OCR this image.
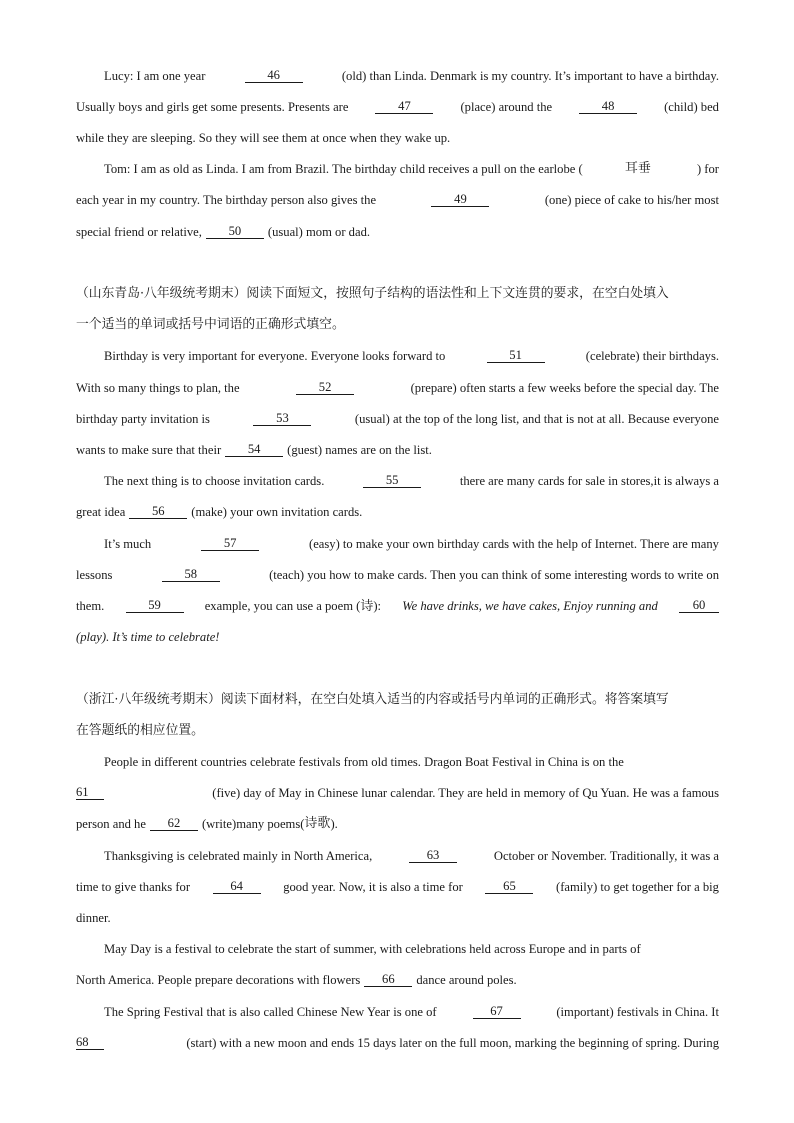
Lucy: I am one year	46	(old) than Linda. Denmark is my country. It’s important to have a birthday.
Usually boys and girls get some presents. Presents are	47	(place) around the	48	(child) bed
while they are sleeping. So they will see them at once when they wake up.
Tom: I am as old as Linda. I am from Brazil. The birthday child receives a pull on the earlobe (	耳垂	) for
each year in my country. The birthday person also gives the	49	(one) piece of cake to his/her most
special friend or relative,	50	(usual) mom or dad.
（山东青岛·八年级统考期末）阅读下面短文，按照句子结构的语法性和上下文连贯的要求，在空白处填入
一个适当的单词或括号中词语的正确形式填空。
Birthday is very important for everyone. Everyone looks forward to	51	(celebrate) their birthdays.
With so many things to plan, the	52	(prepare) often starts a few weeks before the special day. The
birthday party invitation is	53	(usual) at the top of the long list, and that is not at all. Because everyone
wants to make sure that their	54	(guest) names are on the list.
The next thing is to choose invitation cards.	55	there are many cards for sale in stores,it is always a
great idea	56	(make) your own invitation cards.
It’s much	57	(easy) to make your own birthday cards with the help of Internet. There are many
lessons	58	(teach) you how to make cards. Then you can think of some interesting words to write on
them.	59	example, you can use a poem (诗): We have drinks, we have cakes, Enjoy running and	60
(play). It’s time to celebrate!
（浙江·八年级统考期末）阅读下面材料，在空白处填入适当的内容或括号内单词的正确形式。将答案填写
在答题纸的相应位置。
People in different countries celebrate festivals from old times. Dragon Boat Festival in China is on the
61	(five) day of May in Chinese lunar calendar. They are held in memory of Qu Yuan. He was a famous
person and he	62	(write)many poems( 诗歌 ).
Thanksgiving is celebrated mainly in North America,	63	October or November. Traditionally, it was a
time to give thanks for	64	good year. Now, it is also a time for	65	(family) to get together for a big
dinner.
May Day is a festival to celebrate the start of summer, with celebrations held across Europe and in parts of
North America. People prepare decorations with flowers	66	dance around poles.
The Spring Festival that is also called Chinese New Year is one of	67	(important) festivals in China. It
68	(start) with a new moon and ends 15 days later on the full moon, marking the beginning of spring. During
